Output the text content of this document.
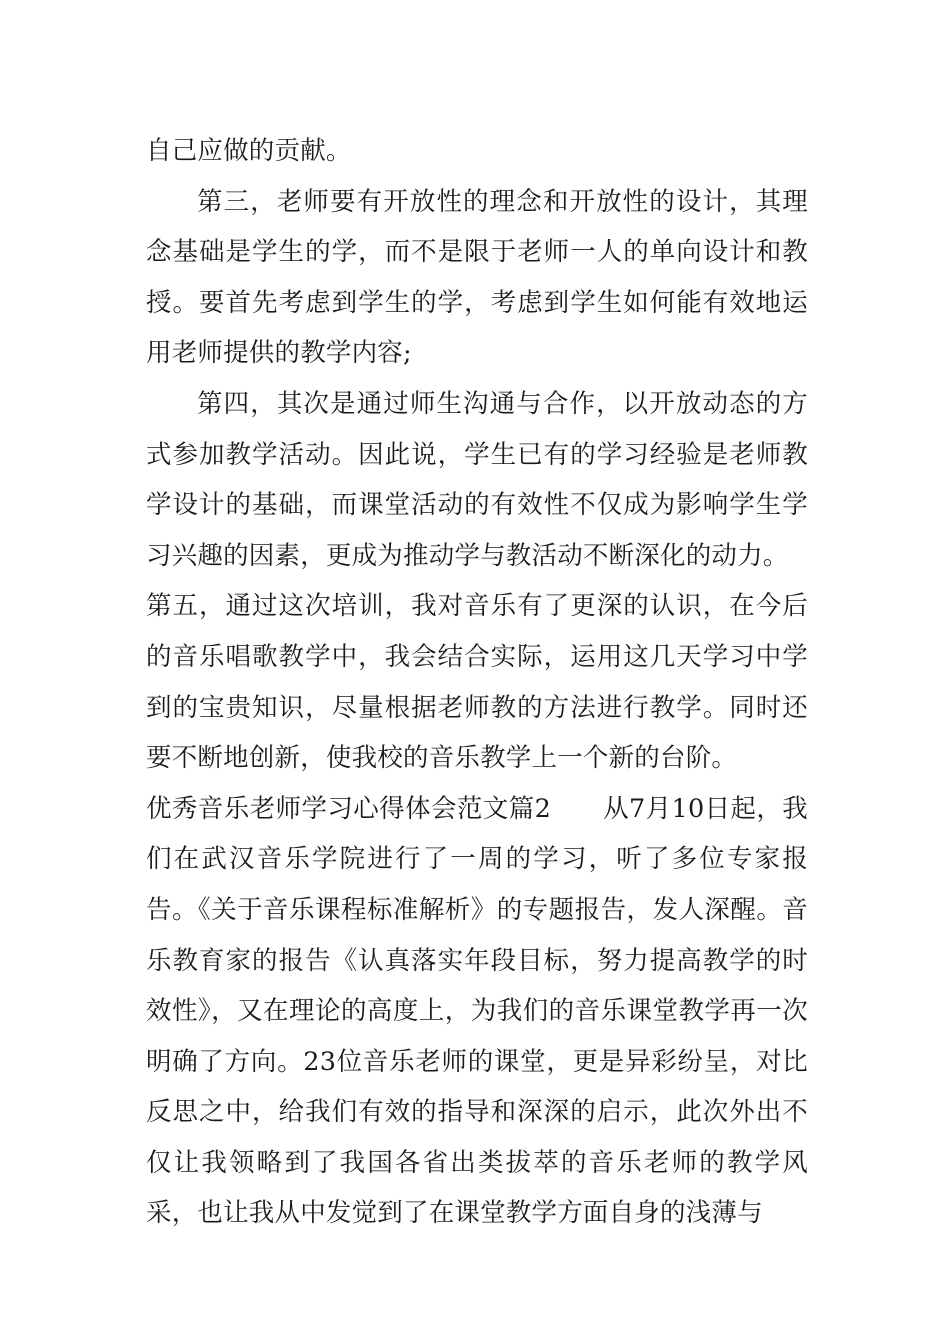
自己应做的贡献。

第三，老师要有开放性的理念和开放性的设计，其理念基础是学生的学，而不是限于老师一人的单向设计和教授。要首先考虑到学生的学，考虑到学生如何能有效地运用老师提供的教学内容;

第四，其次是通过师生沟通与合作，以开放动态的方式参加教学活动。因此说，学生已有的学习经验是老师教学设计的基础，而课堂活动的有效性不仅成为影响学生学习兴趣的因素，更成为推动学与教活动不断深化的动力。

第五，通过这次培训，我对音乐有了更深的认识，在今后的音乐唱歌教学中，我会结合实际，运用这几天学习中学到的宝贵知识，尽量根据老师教的方法进行教学。同时还要不断地创新，使我校的音乐教学上一个新的台阶。

优秀音乐老师学习心得体会范文篇2　　从7月10日起，我们在武汉音乐学院进行了一周的学习，听了多位专家报告。《关于音乐课程标准解析》的专题报告，发人深醒。音乐教育家的报告《认真落实年段目标，努力提高教学的时效性》，又在理论的高度上，为我们的音乐课堂教学再一次明确了方向。23位音乐老师的课堂，更是异彩纷呈，对比反思之中，给我们有效的指导和深深的启示，此次外出不仅让我领略到了我国各省出类拔萃的音乐老师的教学风采，也让我从中发觉到了在课堂教学方面自身的浅薄与
